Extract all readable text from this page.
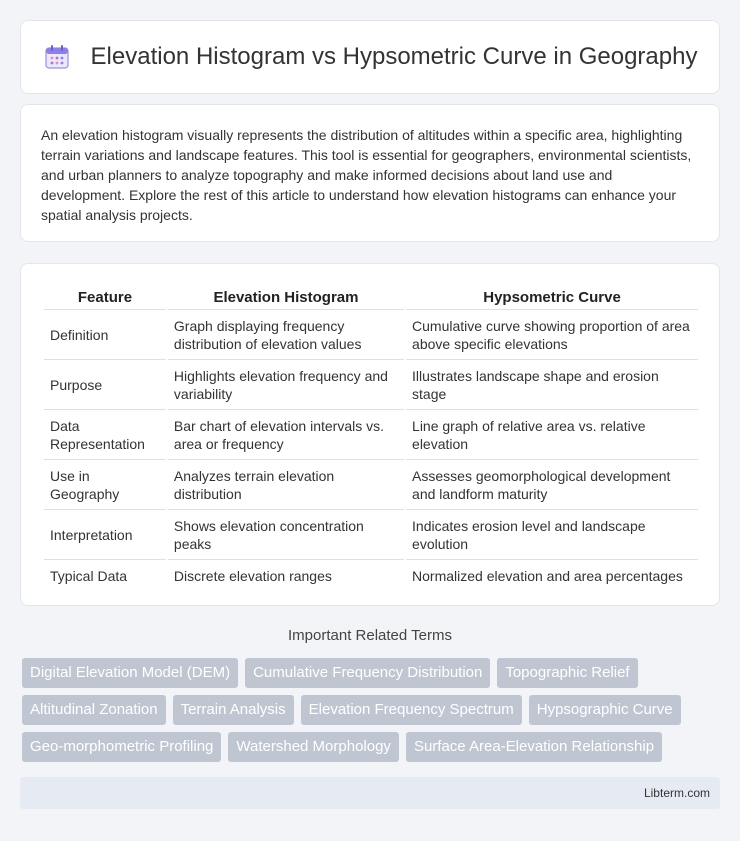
Elevation Histogram vs Hypsometric Curve in Geography

An elevation histogram visually represents the distribution of altitudes within a specific area, highlighting terrain variations and landscape features. This tool is essential for geographers, environmental scientists, and urban planners to analyze topography and make informed decisions about land use and development. Explore the rest of this article to understand how elevation histograms can enhance your spatial analysis projects.

Feature	Elevation Histogram	Hypsometric Curve
Definition	Graph displaying frequency distribution of elevation values	Cumulative curve showing proportion of area above specific elevations
Purpose	Highlights elevation frequency and variability	Illustrates landscape shape and erosion stage
Data Representation	Bar chart of elevation intervals vs. area or frequency	Line graph of relative area vs. relative elevation
Use in Geography	Analyzes terrain elevation distribution	Assesses geomorphological development and landform maturity
Interpretation	Shows elevation concentration peaks	Indicates erosion level and landscape evolution
Typical Data	Discrete elevation ranges	Normalized elevation and area percentages
Important Related Terms
Digital Elevation Model (DEM)	Cumulative Frequency Distribution	Topographic Relief
Altitudinal Zonation	Terrain Analysis	Elevation Frequency Spectrum	Hypsographic Curve
Geo-morphometric Profiling	Watershed Morphology	Surface Area-Elevation Relationship
Libterm.com
